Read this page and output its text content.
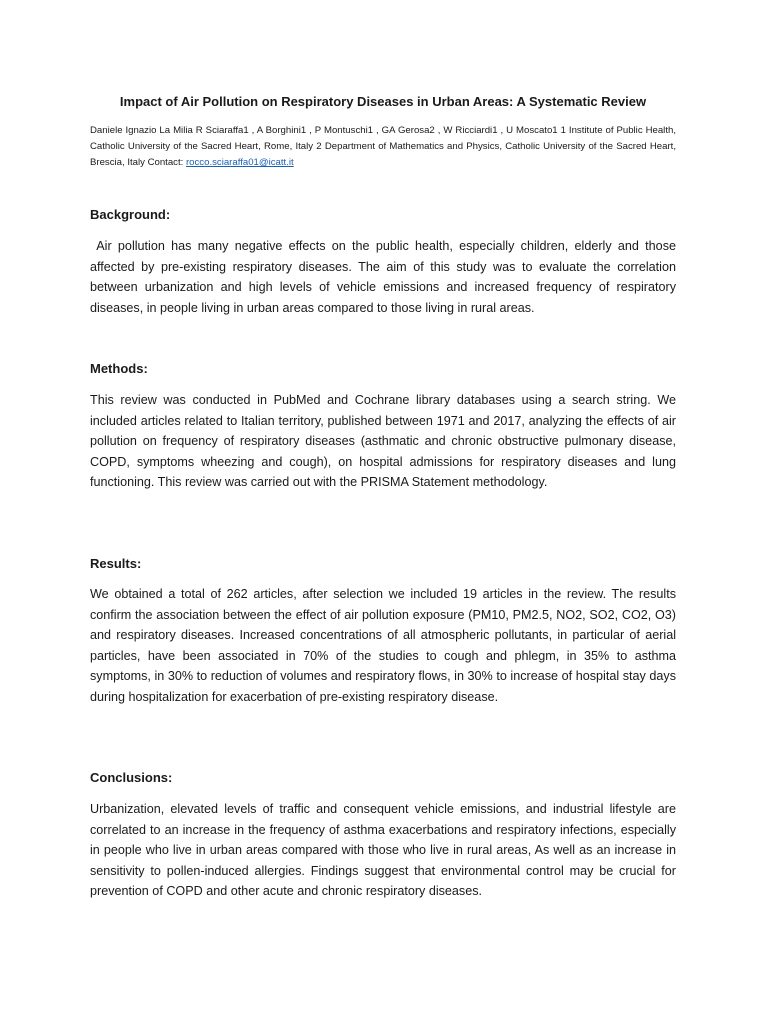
Impact of Air Pollution on Respiratory Diseases in Urban Areas: A Systematic Review

Daniele Ignazio La Milia R Sciaraffa1 , A Borghini1 , P Montuschi1 , GA Gerosa2 , W Ricciardi1 , U Moscato1 1 Institute of Public Health, Catholic University of the Sacred Heart, Rome, Italy 2 Department of Mathematics and Physics, Catholic University of the Sacred Heart, Brescia, Italy Contact: rocco.sciaraffa01@icatt.it

Background:

Air pollution has many negative effects on the public health, especially children, elderly and those affected by pre-existing respiratory diseases. The aim of this study was to evaluate the correlation between urbanization and high levels of vehicle emissions and increased frequency of respiratory diseases, in people living in urban areas compared to those living in rural areas.

Methods:

This review was conducted in PubMed and Cochrane library databases using a search string. We included articles related to Italian territory, published between 1971 and 2017, analyzing the effects of air pollution on frequency of respiratory diseases (asthmatic and chronic obstructive pulmonary disease, COPD, symptoms wheezing and cough), on hospital admissions for respiratory diseases and lung functioning. This review was carried out with the PRISMA Statement methodology.

Results:

We obtained a total of 262 articles, after selection we included 19 articles in the review. The results confirm the association between the effect of air pollution exposure (PM10, PM2.5, NO2, SO2, CO2, O3) and respiratory diseases. Increased concentrations of all atmospheric pollutants, in particular of aerial particles, have been associated in 70% of the studies to cough and phlegm, in 35% to asthma symptoms, in 30% to reduction of volumes and respiratory flows, in 30% to increase of hospital stay days during hospitalization for exacerbation of pre-existing respiratory disease.

Conclusions:

Urbanization, elevated levels of traffic and consequent vehicle emissions, and industrial lifestyle are correlated to an increase in the frequency of asthma exacerbations and respiratory infections, especially in people who live in urban areas compared with those who live in rural areas, As well as an increase in sensitivity to pollen-induced allergies. Findings suggest that environmental control may be crucial for prevention of COPD and other acute and chronic respiratory diseases.
